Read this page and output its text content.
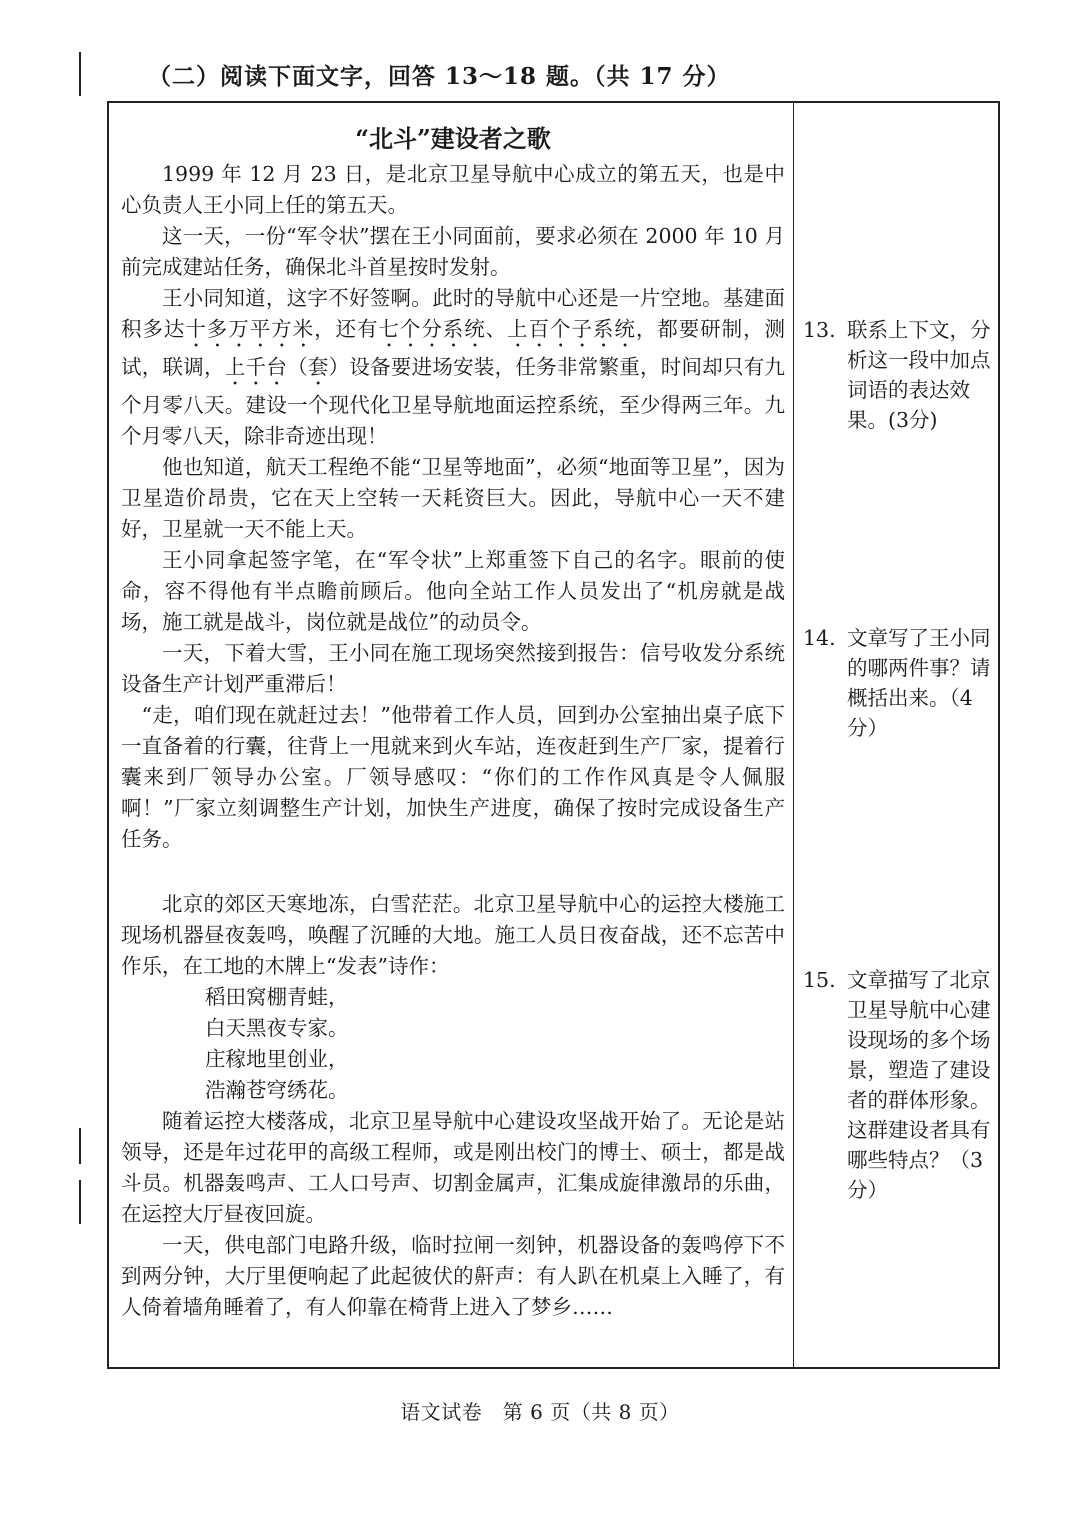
（二）阅读下面文字，回答 13～18 题。（共 17 分）
“北斗”建设者之歌

1999 年 12 月 23 日，是北京卫星导航中心成立的第五天，也是中心负责人王小同上任的第五天。

这一天，一份“军令状”摆在王小同面前，要求必须在 2000 年 10 月前完成建站任务，确保北斗首星按时发射。

王小同知道，这字不好签啊。此时的导航中心还是一片空地。基建面积多达十多万平方米，还有七个分系统、上百个子系统，都要研制，测试，联调，上千台（套）设备要进场安装，任务非常繁重，时间却只有九个月零八天。建设一个现代化卫星导航地面运控系统，至少得两三年。九个月零八天，除非奇迹出现！

他也知道，航天工程绝不能“卫星等地面”，必须“地面等卫星”，因为卫星造价昂贵，它在天上空转一天耗资巨大。因此，导航中心一天不建好，卫星就一天不能上天。

王小同拿起签字笔，在“军令状”上郑重签下自己的名字。眼前的使命，容不得他有半点瞻前顾后。他向全站工作人员发出了“机房就是战场，施工就是战斗，岗位就是战位”的动员令。

一天，下着大雪，王小同在施工现场突然接到报告：信号收发分系统设备生产计划严重滞后！

“走，咱们现在就赶过去！”他带着工作人员，回到办公室抽出桌子底下一直备着的行囊，往背上一甩就来到火车站，连夜赶到生产厂家，提着行囊来到厂领导办公室。厂领导感叹：“你们的工作作风真是令人佩服啊！”厂家立刻调整生产计划，加快生产进度，确保了按时完成设备生产任务。

北京的郊区天寒地冻，白雪茫茫。北京卫星导航中心的运控大楼施工现场机器昼夜轰鸣，唤醒了沉睡的大地。施工人员日夜奋战，还不忘苦中作乐，在工地的木牌上“发表”诗作：

稻田窝棚青蛙，

白天黑夜专家。

庄稼地里创业，

浩瀚苍穹绣花。

随着运控大楼落成，北京卫星导航中心建设攻坚战开始了。无论是站领导，还是年过花甲的高级工程师，或是刚出校门的博士、硕士，都是战斗员。机器轰鸣声、工人口号声、切割金属声，汇集成旋律激昂的乐曲，在运控大厅昼夜回旋。

一天，供电部门电路升级，临时拉闸一刻钟，机器设备的轰鸣停下不到两分钟，大厅里便响起了此起彼伏的鼾声：有人趴在机桌上入睡了，有人倚着墙角睡着了，有人仰靠在椅背上进入了梦乡……

13. 联系上下文，分析这一段中加点词语的表达效果。(3分)
14. 文章写了王小同的哪两件事？请概括出来。（4分）
15. 文章描写了北京卫星导航中心建设现场的多个场景，塑造了建设者的群体形象。这群建设者具有哪些特点？（3分）
语文试卷　第 6 页（共 8 页）
